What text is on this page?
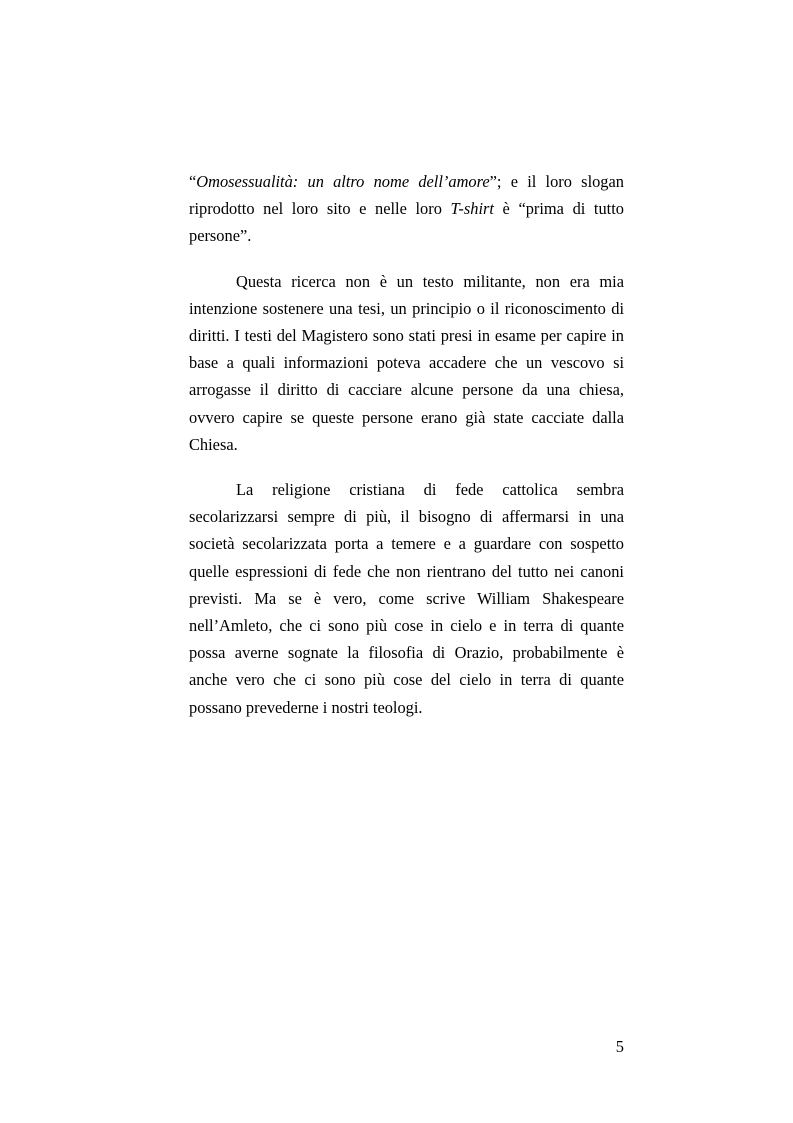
“Omosessualità: un altro nome dell’amore”; e il loro slogan riprodotto nel loro sito e nelle loro T-shirt è “prima di tutto persone”.

Questa ricerca non è un testo militante, non era mia intenzione sostenere una tesi, un principio o il riconoscimento di diritti. I testi del Magistero sono stati presi in esame per capire in base a quali informazioni poteva accadere che un vescovo si arrogasse il diritto di cacciare alcune persone da una chiesa, ovvero capire se queste persone erano già state cacciate dalla Chiesa.

La religione cristiana di fede cattolica sembra secolarizzarsi sempre di più, il bisogno di affermarsi in una società secolarizzata porta a temere e a guardare con sospetto quelle espressioni di fede che non rientrano del tutto nei canoni previsti. Ma se è vero, come scrive William Shakespeare nell’Amleto, che ci sono più cose in cielo e in terra di quante possa averne sognate la filosofia di Orazio, probabilmente è anche vero che ci sono più cose del cielo in terra di quante possano prevederne i nostri teologi.

5
